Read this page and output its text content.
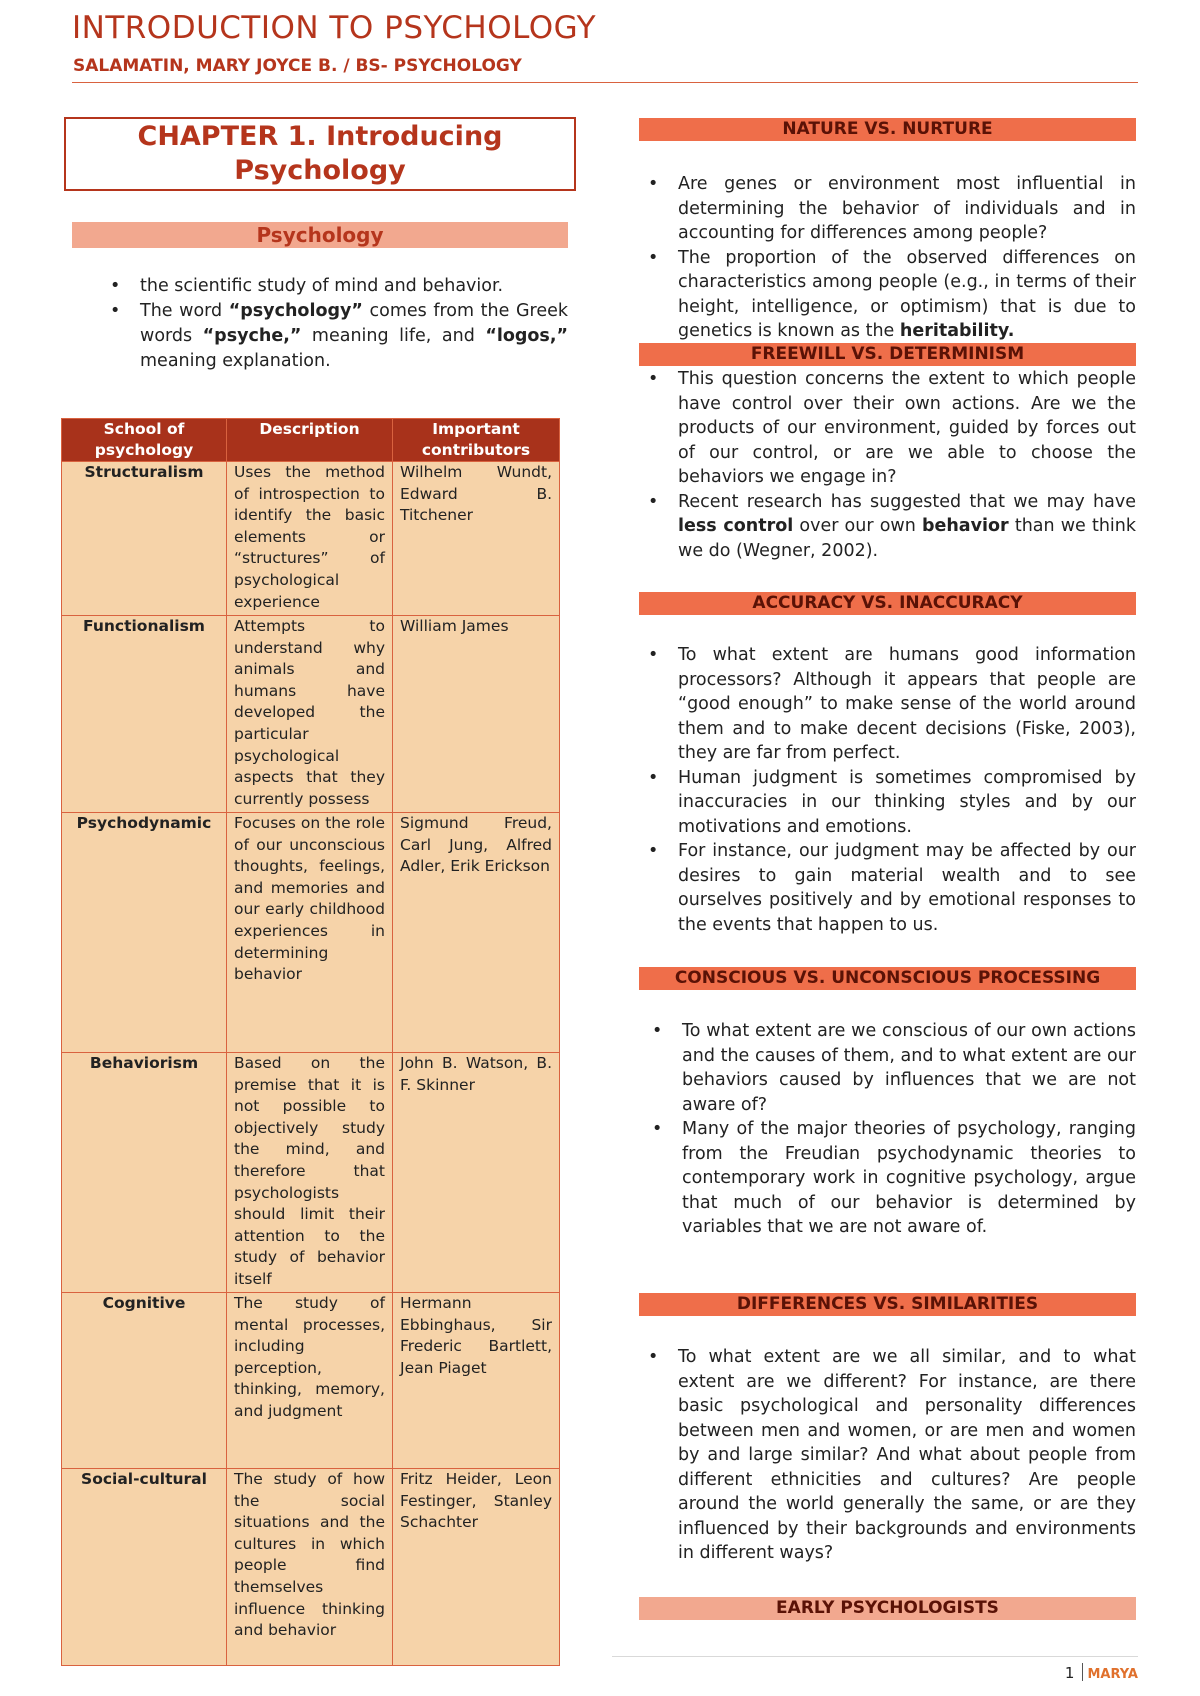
INTRODUCTION TO PSYCHOLOGY
SALAMATIN, MARY JOYCE B. / BS- PSYCHOLOGY
CHAPTER 1. Introducing
Psychology
Psychology
• the scientific study of mind and behavior.
• The word “psychology” comes from the Greek words “psyche,” meaning life, and “logos,” meaning explanation.
School of psychology	Description	Important contributors
Structuralism	Uses the method of introspection to identify the basic elements or “structures” of psychological experience	Wilhelm Wundt, Edward B. Titchener
Functionalism	Attempts to understand why animals and humans have developed the particular psychological aspects that they currently possess	William James
Psychodynamic	Focuses on the role of our unconscious thoughts, feelings, and memories and our early childhood experiences in determining behavior	Sigmund Freud, Carl Jung, Alfred Adler, Erik Erickson
Behaviorism	Based on the premise that it is not possible to objectively study the mind, and therefore that psychologists should limit their attention to the study of behavior itself	John B. Watson, B. F. Skinner
Cognitive	The study of mental processes, including perception, thinking, memory, and judgment	Hermann Ebbinghaus, Sir Frederic Bartlett, Jean Piaget
Social-cultural	The study of how the social situations and the cultures in which people find themselves influence thinking and behavior	Fritz Heider, Leon Festinger, Stanley Schachter
NATURE VS. NURTURE
• Are genes or environment most influential in determining the behavior of individuals and in accounting for differences among people?
• The proportion of the observed differences on characteristics among people (e.g., in terms of their height, intelligence, or optimism) that is due to genetics is known as the heritability.
FREEWILL VS. DETERMINISM
• This question concerns the extent to which people have control over their own actions. Are we the products of our environment, guided by forces out of our control, or are we able to choose the behaviors we engage in?
• Recent research has suggested that we may have less control over our own behavior than we think we do (Wegner, 2002).
ACCURACY VS. INACCURACY
• To what extent are humans good information processors? Although it appears that people are “good enough” to make sense of the world around them and to make decent decisions (Fiske, 2003), they are far from perfect.
• Human judgment is sometimes compromised by inaccuracies in our thinking styles and by our motivations and emotions.
• For instance, our judgment may be affected by our desires to gain material wealth and to see ourselves positively and by emotional responses to the events that happen to us.
CONSCIOUS VS. UNCONSCIOUS PROCESSING
• To what extent are we conscious of our own actions and the causes of them, and to what extent are our behaviors caused by influences that we are not aware of?
• Many of the major theories of psychology, ranging from the Freudian psychodynamic theories to contemporary work in cognitive psychology, argue that much of our behavior is determined by variables that we are not aware of.
DIFFERENCES VS. SIMILARITIES
• To what extent are we all similar, and to what extent are we different? For instance, are there basic psychological and personality differences between men and women, or are men and women by and large similar? And what about people from different ethnicities and cultures? Are people around the world generally the same, or are they influenced by their backgrounds and environments in different ways?
EARLY PSYCHOLOGISTS
1 MARYA
